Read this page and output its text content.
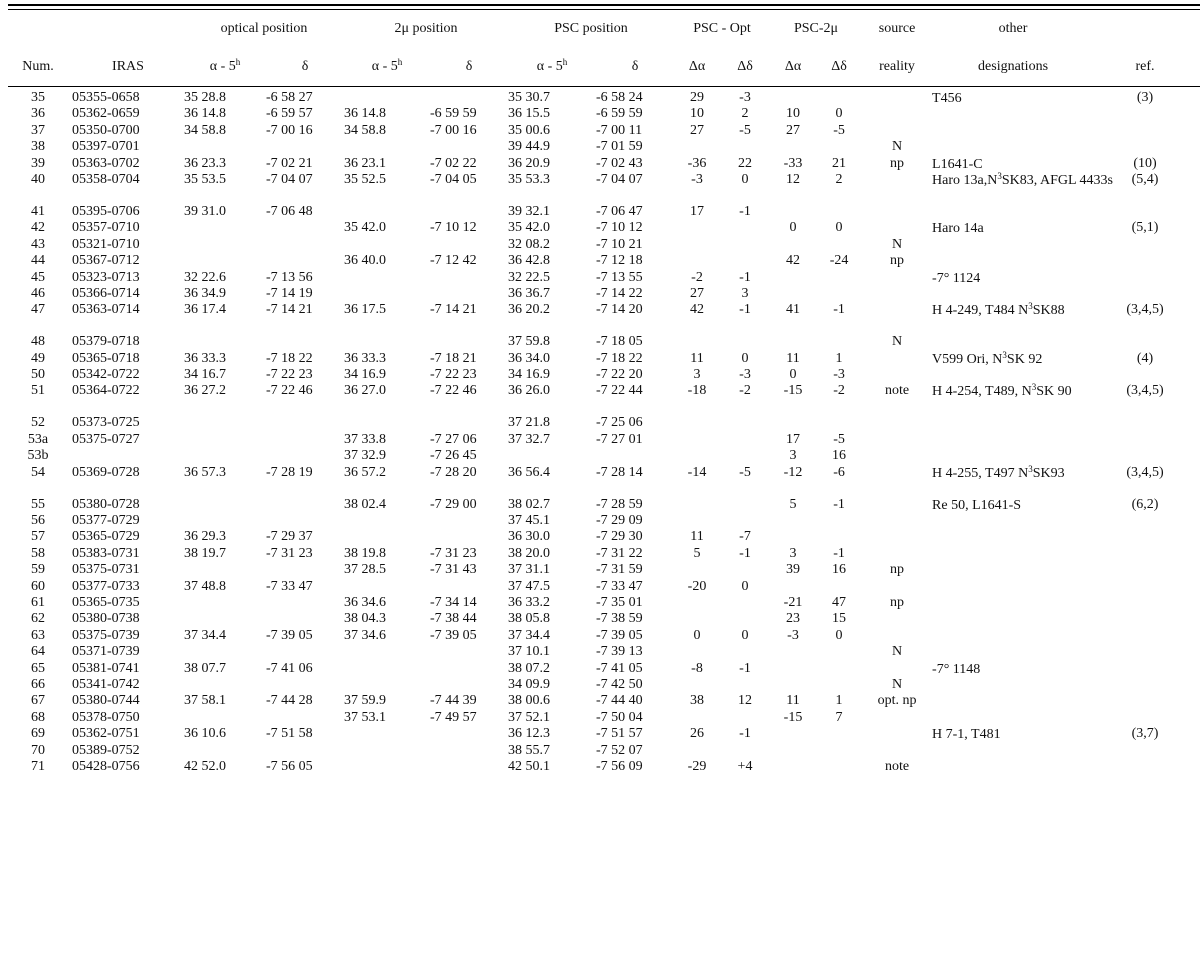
		optical position		2μ position		PSC position		PSC - Opt		PSC-2μ		source	other	
Num.	IRAS	α - 5$^h$	δ	α - 5$^h$	δ	α - 5$^h$	δ	Δα	Δδ	Δα	Δδ	reality	designations	ref.

35	05355-0658	35 28.8	-6 58 27			35 30.7	-6 58 24	29	-3				T456	(3)
36	05362-0659	36 14.8	-6 59 57	36 14.8	-6 59 59	36 15.5	-6 59 59	10	2	10	0			
37	05350-0700	34 58.8	-7 00 16	34 58.8	-7 00 16	35 00.6	-7 00 11	27	-5	27	-5			
38	05397-0701					39 44.9	-7 01 59					N		
39	05363-0702	36 23.3	-7 02 21	36 23.1	-7 02 22	36 20.9	-7 02 43	-36	22	-33	21	np	L1641-C	(10)
40	05358-0704	35 53.5	-7 04 07	35 52.5	-7 04 05	35 53.3	-7 04 07	-3	0	12	2		Haro $13a,N^3SK83$, AFGL 4433s	(5,4)
41	05395-0706	39 31.0	-7 06 48			39 32.1	-7 06 47	17	-1					
42	05357-0710			35 42.0	-7 10 12	35 42.0	-7 10 12			0	0		Haro 14a	(5,1)
43	05321-0710					32 08.2	-7 10 21					N		
44	05367-0712			36 40.0	-7 12 42	36 42.8	-7 12 18			42	-24	np		
45	05323-0713	32 22.6	-7 13 56			32 22.5	-7 13 55	-2	-1				-7° 1124	
46	05366-0714	36 34.9	-7 14 19			36 36.7	-7 14 22	27	3					
47	05363-0714	36 17.4	-7 14 21	36 17.5	-7 14 21	36 20.2	-7 14 20	42	-1	41	-1		H 4-249, T484 $N^3SK88$	(3,4,5)
48	05379-0718					37 59.8	-7 18 05					N		
49	05365-0718	36 33.3	-7 18 22	36 33.3	-7 18 21	36 34.0	-7 18 22	11	0	11	1		V599 Ori, $N^3SK$ 92	(4)
50	05342-0722	34 16.7	-7 22 23	34 16.9	-7 22 23	34 16.9	-7 22 20	3	-3	0	-3			
51	05364-0722	36 27.2	-7 22 46	36 27.0	-7 22 46	36 26.0	-7 22 44	-18	-2	-15	-2	note	H 4-254, T489, $N^3SK$ 90	(3,4,5)
52	05373-0725					37 21.8	-7 25 06							
53a	05375-0727			37 33.8	-7 27 06	37 32.7	-7 27 01			17	-5			
53b				37 32.9	-7 26 45					3	16			
54	05369-0728	36 57.3	-7 28 19	36 57.2	-7 28 20	36 56.4	-7 28 14	-14	-5	-12	-6		H 4-255, T497 $N^3SK93$	(3,4,5)
55	05380-0728			38 02.4	-7 29 00	38 02.7	-7 28 59			5	-1		Re 50, L1641-S	(6,2)
56	05377-0729					37 45.1	-7 29 09							
57	05365-0729	36 29.3	-7 29 37			36 30.0	-7 29 30	11	-7					
58	05383-0731	38 19.7	-7 31 23	38 19.8	-7 31 23	38 20.0	-7 31 22	5	-1	3	-1			
59	05375-0731			37 28.5	-7 31 43	37 31.1	-7 31 59			39	16	np		
60	05377-0733	37 48.8	-7 33 47			37 47.5	-7 33 47	-20	0					
61	05365-0735			36 34.6	-7 34 14	36 33.2	-7 35 01			-21	47	np		
62	05380-0738			38 04.3	-7 38 44	38 05.8	-7 38 59			23	15			
63	05375-0739	37 34.4	-7 39 05	37 34.6	-7 39 05	37 34.4	-7 39 05	0	0	-3	0			
64	05371-0739					37 10.1	-7 39 13					N		
65	05381-0741	38 07.7	-7 41 06			38 07.2	-7 41 05	-8	-1				-7° 1148	
66	05341-0742					34 09.9	-7 42 50					N		
67	05380-0744	37 58.1	-7 44 28	37 59.9	-7 44 39	38 00.6	-7 44 40	38	12	11	1	opt. np		
68	05378-0750			37 53.1	-7 49 57	37 52.1	-7 50 04			-15	7			
69	05362-0751	36 10.6	-7 51 58			36 12.3	-7 51 57	26	-1				H 7-1, T481	(3,7)
70	05389-0752					38 55.7	-7 52 07							
71	05428-0756	42 52.0	-7 56 05			42 50.1	-7 56 09	-29	+4			note		
